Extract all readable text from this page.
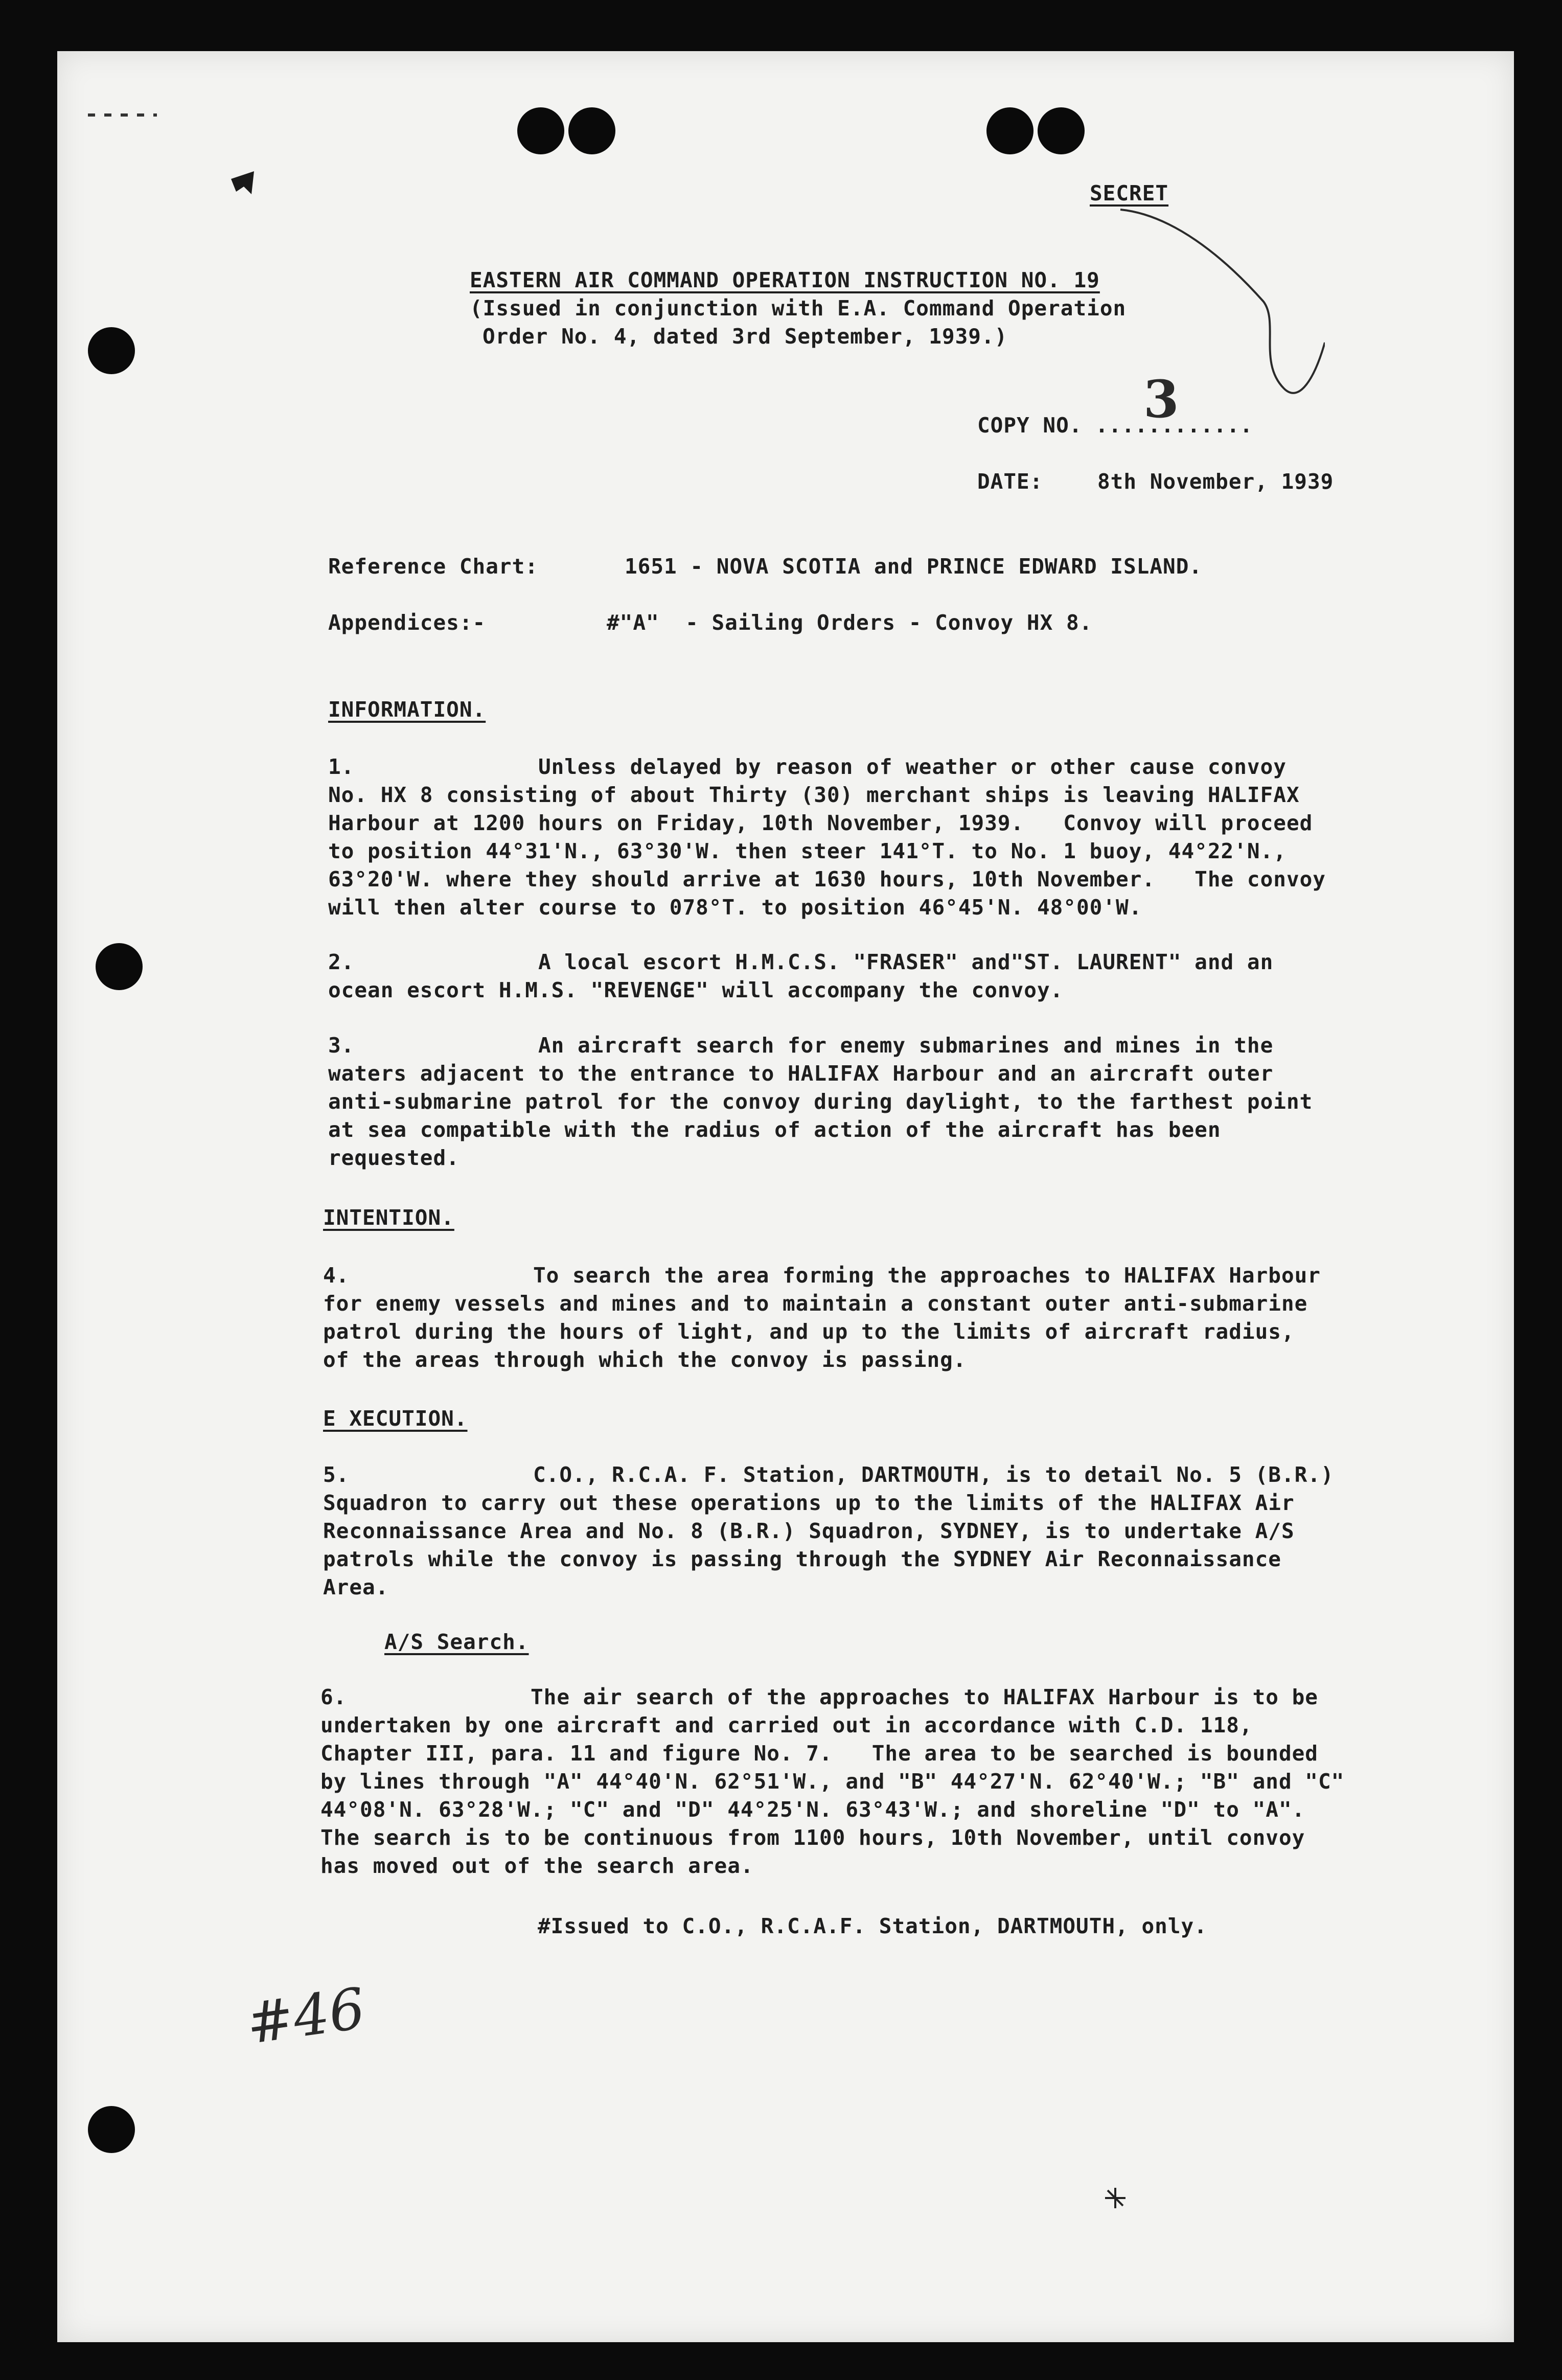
SECRET
EASTERN AIR COMMAND OPERATION INSTRUCTION NO. 19
(Issued in conjunction with E.A. Command Operation
Order No. 4, dated 3rd September, 1939.)
COPY NO. ............
3
DATE:	8th November, 1939
Reference Chart:	1651 - NOVA SCOTIA and PRINCE EDWARD ISLAND.
Appendices:-	#"A"  - Sailing Orders - Convoy HX 8.
INFORMATION.
1.              Unless delayed by reason of weather or other cause convoy
No. HX 8 consisting of about Thirty (30) merchant ships is leaving HALIFAX
Harbour at 1200 hours on Friday, 10th November, 1939.   Convoy will proceed
to position 44°31'N., 63°30'W. then steer 141°T. to No. 1 buoy, 44°22'N.,
63°20'W. where they should arrive at 1630 hours, 10th November.   The convoy
will then alter course to 078°T. to position 46°45'N. 48°00'W.
2.              A local escort H.M.C.S. "FRASER" and"ST. LAURENT" and an
ocean escort H.M.S. "REVENGE" will accompany the convoy.
3.              An aircraft search for enemy submarines and mines in the
waters adjacent to the entrance to HALIFAX Harbour and an aircraft outer
anti-submarine patrol for the convoy during daylight, to the farthest point
at sea compatible with the radius of action of the aircraft has been
requested.
INTENTION.
4.              To search the area forming the approaches to HALIFAX Harbour
for enemy vessels and mines and to maintain a constant outer anti-submarine
patrol during the hours of light, and up to the limits of aircraft radius,
of the areas through which the convoy is passing.
E XECUTION.
5.              C.O., R.C.A. F. Station, DARTMOUTH, is to detail No. 5 (B.R.)
Squadron to carry out these operations up to the limits of the HALIFAX Air
Reconnaissance Area and No. 8 (B.R.) Squadron, SYDNEY, is to undertake A/S
patrols while the convoy is passing through the SYDNEY Air Reconnaissance
Area.
A/S Search.
6.              The air search of the approaches to HALIFAX Harbour is to be
undertaken by one aircraft and carried out in accordance with C.D. 118,
Chapter III, para. 11 and figure No. 7.   The area to be searched is bounded
by lines through "A" 44°40'N. 62°51'W., and "B" 44°27'N. 62°40'W.; "B" and "C"
44°08'N. 63°28'W.; "C" and "D" 44°25'N. 63°43'W.; and shoreline "D" to "A".
The search is to be continuous from 1100 hours, 10th November, until convoy
has moved out of the search area.
#Issued to C.O., R.C.A.F. Station, DARTMOUTH, only.
#46
